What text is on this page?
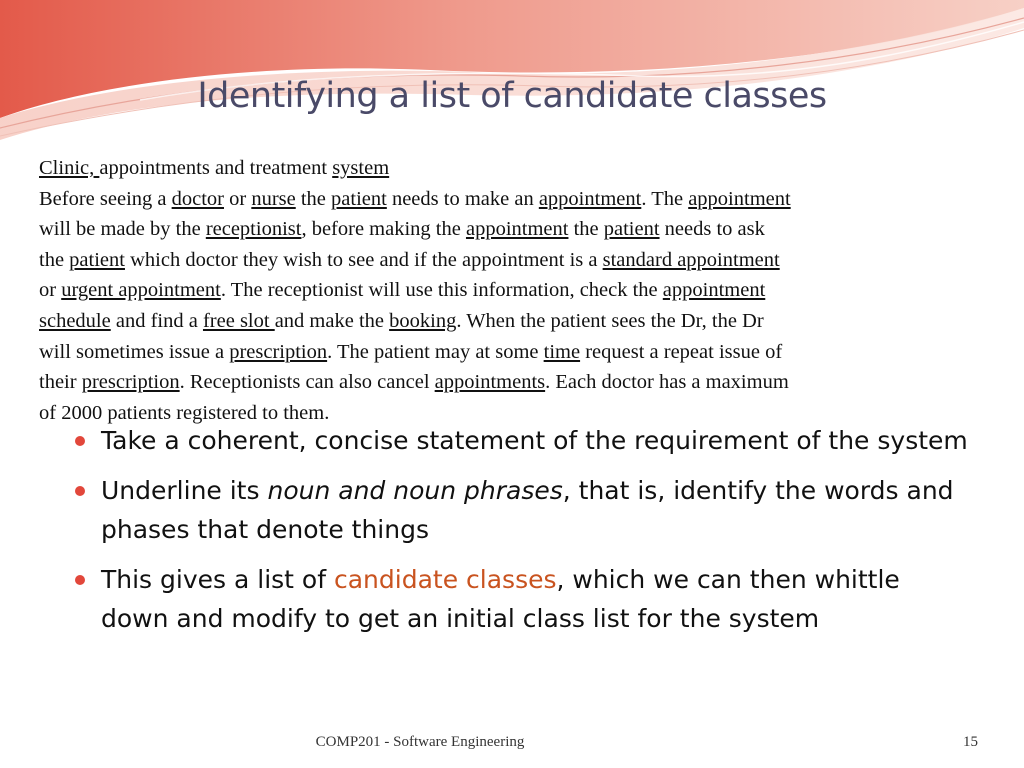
Identifying a list of candidate classes
Clinic, appointments and treatment system
Before seeing a doctor or nurse the patient needs to make an appointment. The appointment
will be made by the receptionist, before making the appointment the patient needs to ask
the patient which doctor they wish to see and if the appointment is a standard appointment
or urgent appointment. The receptionist will use this information, check the appointment
schedule and find a free slot and make the booking. When the patient sees the Dr, the Dr
will sometimes issue a prescription. The patient may at some time request a repeat issue of
their prescription. Receptionists can also cancel appointments. Each doctor has a maximum
of 2000 patients registered to them.
Take a coherent, concise statement of the requirement of the system
Underline its noun and noun phrases, that is, identify the words and phases that denote things
This gives a list of candidate classes, which we can then whittle down and modify to get an initial class list for the system
COMP201 - Software Engineering	15
